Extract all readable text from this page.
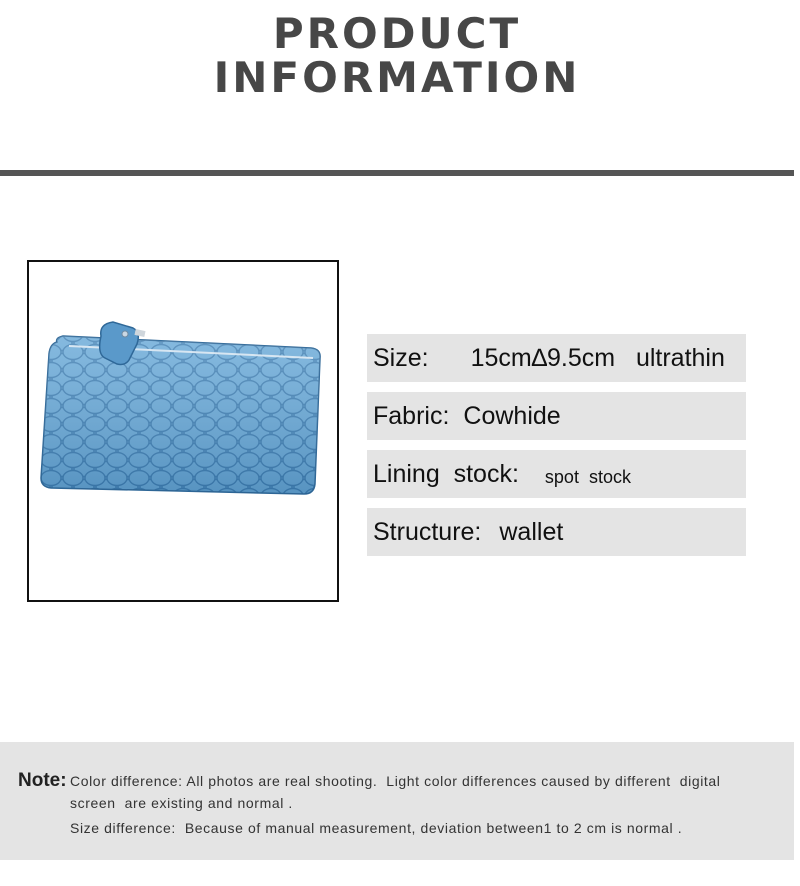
PRODUCT
INFORMATION
Size: 15cm∆9.5cm   ultrathin
Fabric: Cowhide
Lining  stock: spot  stock
Structure: wallet
Note: Color difference: All photos are real shooting.  Light color differences caused by different  digital
screen  are existing and normal .
Size difference:  Because of manual measurement, deviation between1 to 2 cm is normal .
